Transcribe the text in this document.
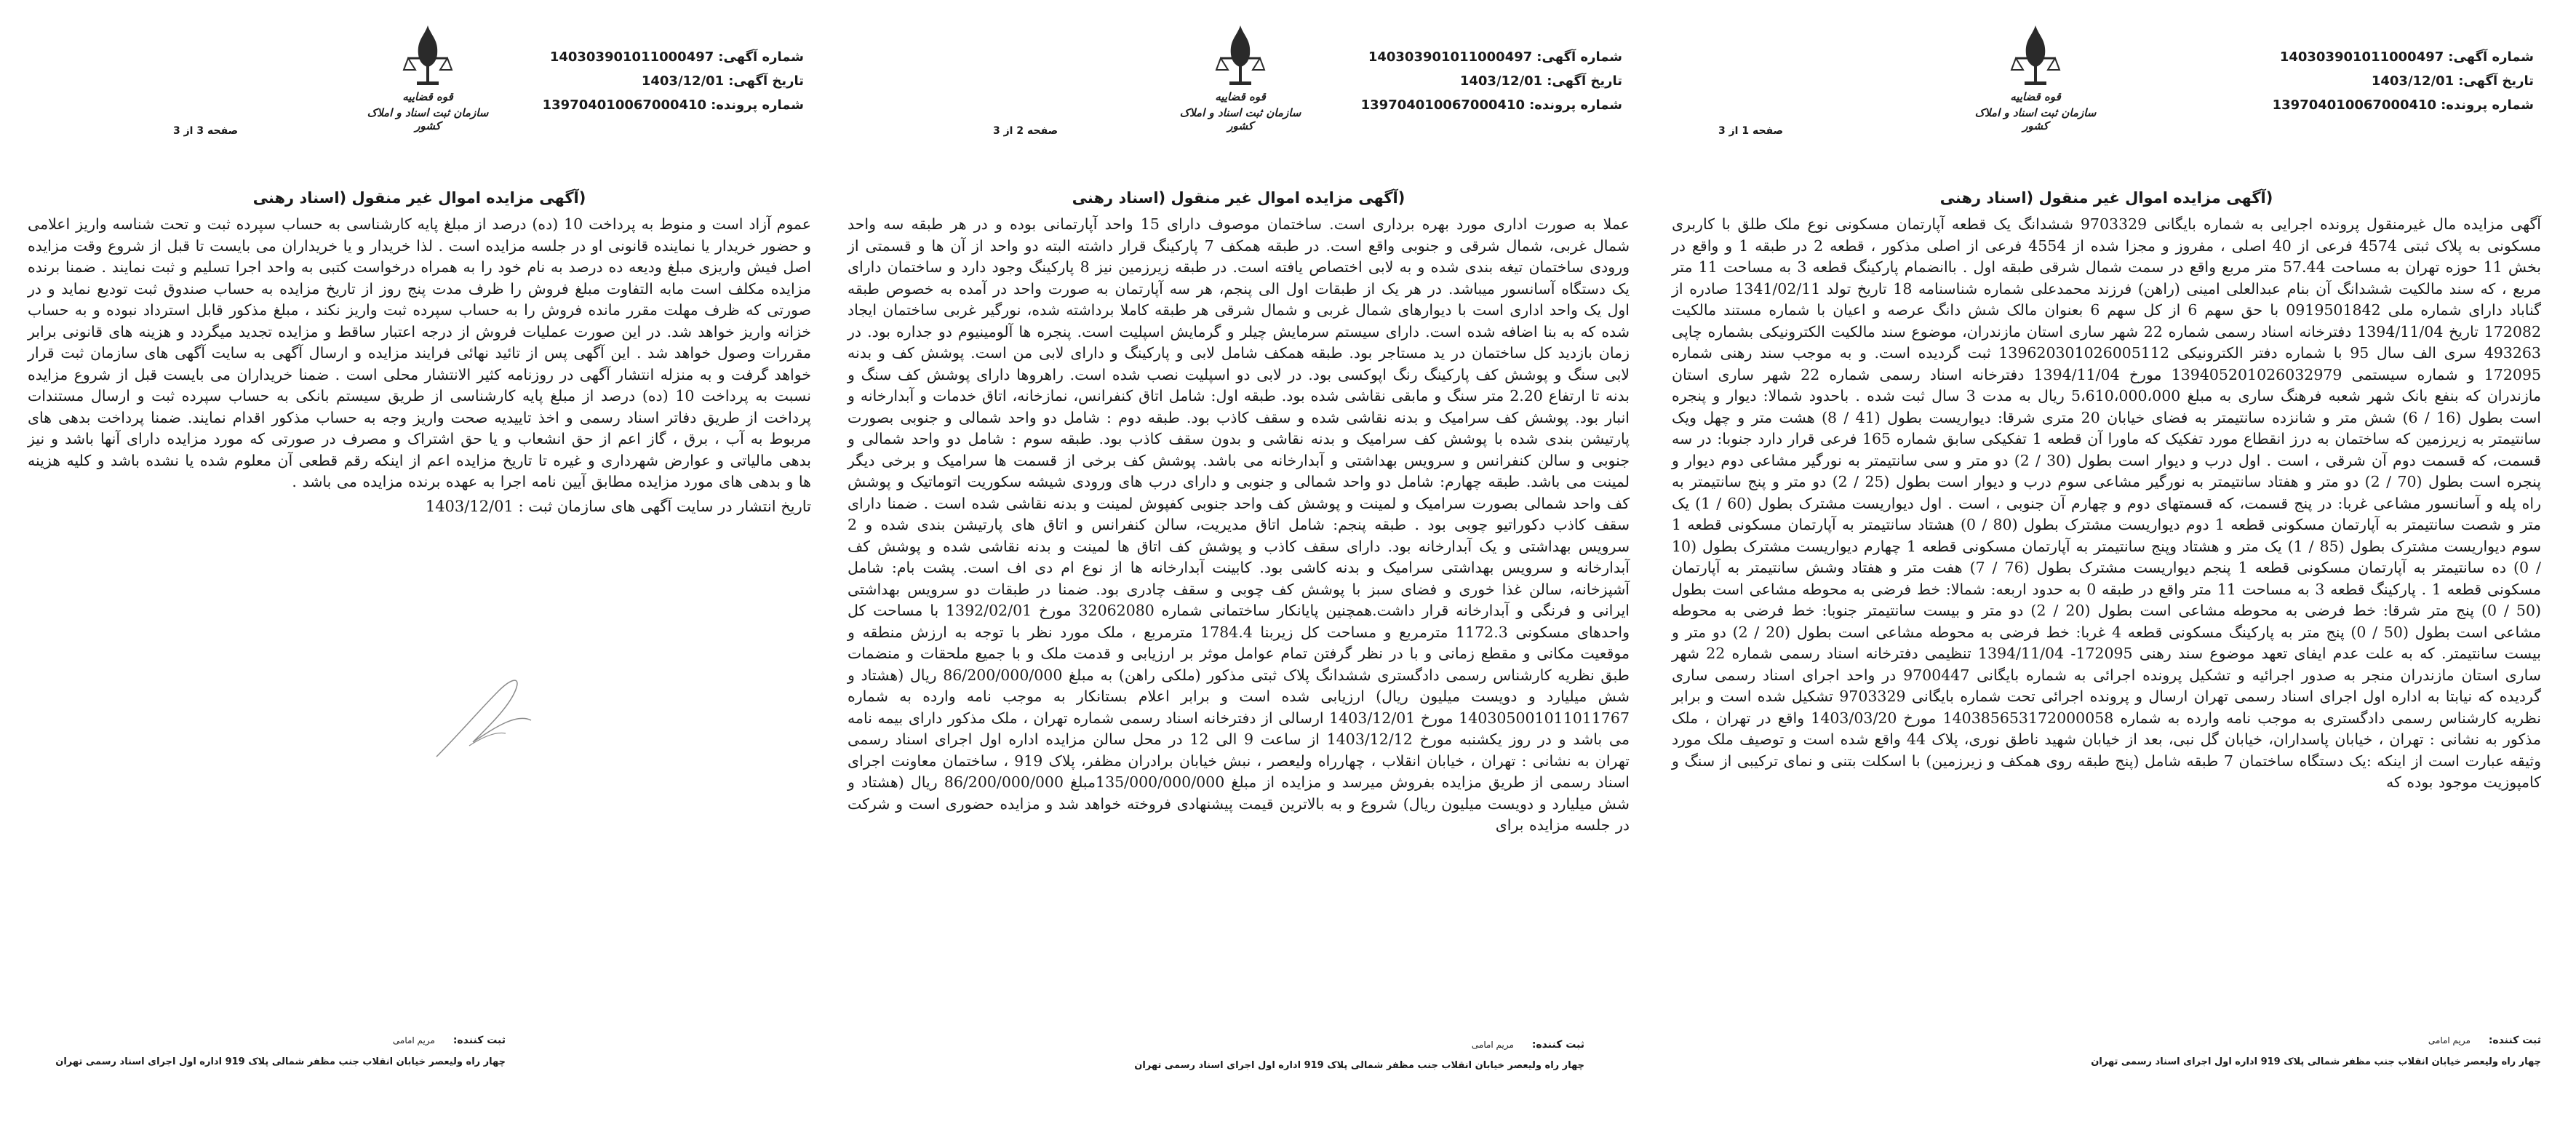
شماره آگهی:140303901011000497
تاریخ آگهی:1403/12/01
شماره پرونده:139704010067000410
قوه قضاییه
سازمان ثبت اسناد و املاک کشور
صفحه 1 از 3
(آگهی مزایده اموال غیر منقول (اسناد رهنی
آگهی مزایده مال غیرمنقول پرونده اجرایی به شماره بایگانی 9703329 ششدانگ یک قطعه آپارتمان مسکونی نوع ملک طلق با کاربری مسکونی به پلاک ثبتی 4574 فرعی از 40 اصلی ، مفروز و مجزا شده از 4554 فرعی از اصلی مذکور ، قطعه 2 در طبقه 1 و واقع در بخش 11 حوزه تهران به مساحت 57.44 متر مربع واقع در سمت شمال شرقی طبقه اول . باانضمام پارکینگ قطعه 3 به مساحت 11 متر مربع ، که سند مالکیت ششدانگ آن بنام عبدالعلی امینی (راهن) فرزند محمدعلی شماره شناسنامه 18 تاریخ تولد 1341/02/11 صادره از گناباد دارای شماره ملی 0919501842 با حق سهم 6 از کل سهم 6 بعنوان مالک شش دانگ عرصه و اعیان با شماره مستند مالکیت 172082 تاریخ 1394/11/04 دفترخانه اسناد رسمی شماره 22 شهر ساری استان مازندران، موضوع سند مالکیت الکترونیکی بشماره چاپی 493263 سری الف سال 95 با شماره دفتر الکترونیکی 139620301026005112 ثبت گردیده است. و به موجب سند رهنی شماره 172095 و شماره سیستمی 139405201026032979 مورخ 1394/11/04 دفترخانه اسناد رسمی شماره 22 شهر ساری استان مازندران که بنفع بانک شهر شعبه فرهنگ ساری به مبلغ 5،610،000،000 ریال به مدت 3 سال ثبت شده . باحدود شمالا: دیوار و پنجره است بطول (16 / 6) شش متر و شانزده سانتیمتر به فضای خیابان 20 متری شرقا: دیواریست بطول (41 / 8) هشت متر و چهل ویک سانتیمتر به زیرزمین که ساختمان به درز انقطاع مورد تفکیک که ماورا آن قطعه 1 تفکیکی سابق شماره 165 فرعی قرار دارد جنوبا: در سه قسمت، که قسمت دوم آن شرقی ، است . اول درب و دیوار است بطول (30 / 2) دو متر و سی سانتیمتر به نورگیر مشاعی دوم دیوار و پنجره است بطول (70 / 2) دو متر و هفتاد سانتیمتر به نورگیر مشاعی سوم درب و دیوار است بطول (25 / 2) دو متر و پنج سانتیمتر به راه پله و آسانسور مشاعی غربا: در پنج قسمت، که قسمتهای دوم و چهارم آن جنوبی ، است . اول دیواریست مشترک بطول (60 / 1) یک متر و شصت سانتیمتر به آپارتمان مسکونی قطعه 1 دوم دیواریست مشترک بطول (80 / 0) هشتاد سانتیمتر به آپارتمان مسکونی قطعه 1 سوم دیواریست مشترک بطول (85 / 1) یک متر و هشتاد وپنج سانتیمتر به آپارتمان مسکونی قطعه 1 چهارم دیواریست مشترک بطول (10 / 0) ده سانتیمتر به آپارتمان مسکونی قطعه 1 پنجم دیواریست مشترک بطول (76 / 7) هفت متر و هفتاد وشش سانتیمتر به آپارتمان مسکونی قطعه 1 . پارکینگ قطعه 3 به مساحت 11 متر واقع در طبقه 0 به حدود اربعه: شمالا: خط فرضی به محوطه مشاعی است بطول (50 / 0) پنج متر شرقا: خط فرضی به محوطه مشاعی است بطول (20 / 2) دو متر و بیست سانتیمتر جنوبا: خط فرضی به محوطه مشاعی است بطول (50 / 0) پنج متر به پارکینگ مسکونی قطعه 4 غربا: خط فرضی به محوطه مشاعی است بطول (20 / 2) دو متر و بیست سانتیمتر. که به علت عدم ایفای تعهد موضوع سند رهنی 172095- 1394/11/04 تنظیمی دفترخانه اسناد رسمی شماره 22 شهر ساری استان مازندران منجر به صدور اجرائیه و تشکیل پرونده اجرائی به شماره بایگانی 9700447 در واحد اجرای اسناد رسمی ساری گردیده که نیابتا به اداره اول اجرای اسناد رسمی تهران ارسال و پرونده اجرائی تحت شماره بایگانی 9703329 تشکیل شده است و برابر نظریه کارشناس رسمی دادگستری به موجب نامه وارده به شماره 140385653172000058 مورخ 1403/03/20 واقع در تهران ، ملک مذکور به نشانی : تهران ، خیابان پاسداران، خیابان گل نبی، بعد از خیابان شهید ناطق نوری، پلاک 44 واقع شده است و توصیف ملک مورد وثیقه عبارت است از اینکه :یک دستگاه ساختمان 7 طبقه شامل (پنج طبقه روی همکف و زیرزمین) با اسکلت بتنی و نمای ترکیبی از سنگ و کامپوزیت موجود بوده که
ثبت کننده: مریم امامی
چهار راه ولیعصر خیابان انقلاب جنب مظفر شمالی پلاک 919 اداره اول اجرای اسناد رسمی تهران
شماره آگهی:140303901011000497
تاریخ آگهی:1403/12/01
شماره پرونده:139704010067000410
قوه قضاییه
سازمان ثبت اسناد و املاک کشور
صفحه 2 از 3
(آگهی مزایده اموال غیر منقول (اسناد رهنی
عملا به صورت اداری مورد بهره برداری است. ساختمان موصوف دارای 15 واحد آپارتمانی بوده و در هر طبقه سه واحد شمال غربی، شمال شرقی و جنوبی واقع است. در طبقه همکف 7 پارکینگ قرار داشته البته دو واحد از آن ها و قسمتی از ورودی ساختمان تیغه بندی شده و به لابی اختصاص یافته است. در طبقه زیرزمین نیز 8 پارکینگ وجود دارد و ساختمان دارای یک دستگاه آسانسور میباشد. در هر یک از طبقات اول الی پنجم، هر سه آپارتمان به صورت واحد در آمده به خصوص طبقه اول یک واحد اداری است با دیوارهای شمال غربی و شمال شرقی هر طبقه کاملا برداشته شده، نورگیر غربی ساختمان ایجاد شده که به بنا اضافه شده است. دارای سیستم سرمایش چیلر و گرمایش اسپلیت است. پنجره ها آلومینیوم دو جداره بود. در زمان بازدید کل ساختمان در ید مستاجر بود. طبقه همکف شامل لابی و پارکینگ و دارای لابی من است. پوشش کف و بدنه لابی سنگ و پوشش کف پارکینگ رنگ اپوکسی بود. در لابی دو اسپلیت نصب شده است. راهروها دارای پوشش کف سنگ و بدنه تا ارتفاع 2.20 متر سنگ و مابقی نقاشی شده بود. طبقه اول: شامل اتاق کنفرانس، نمازخانه، اتاق خدمات و آبدارخانه و انبار بود. پوشش کف سرامیک و بدنه نقاشی شده و سقف کاذب بود. طبقه دوم : شامل دو واحد شمالی و جنوبی بصورت پارتیشن بندی شده با پوشش کف سرامیک و بدنه نقاشی و بدون سقف کاذب بود. طبقه سوم : شامل دو واحد شمالی و جنوبی و سالن کنفرانس و سرویس بهداشتی و آبدارخانه می باشد. پوشش کف برخی از قسمت ها سرامیک و برخی دیگر لمینت می باشد. طبقه چهارم: شامل دو واحد شمالی و جنوبی و دارای درب های ورودی شیشه سکوریت اتوماتیک و پوشش کف واحد شمالی بصورت سرامیک و لمینت و پوشش کف واحد جنوبی کفپوش لمینت و بدنه نقاشی شده است . ضمنا دارای سقف کاذب دکوراتیو چوبی بود . طبقه پنجم: شامل اتاق مدیریت، سالن کنفرانس و اتاق های پارتیشن بندی شده و 2 سرویس بهداشتی و یک آبدارخانه بود. دارای سقف کاذب و پوشش کف اتاق ها لمینت و بدنه نقاشی شده و پوشش کف آبدارخانه و سرویس بهداشتی سرامیک و بدنه کاشی بود. کابینت آبدارخانه ها از نوع ام دی اف است. پشت بام: شامل آشپزخانه، سالن غذا خوری و فضای سبز با پوشش کف چوبی و سقف چادری بود. ضمنا در طبقات دو سرویس بهداشتی ایرانی و فرنگی و آبدارخانه قرار داشت.همچنین پایانکار ساختمانی شماره 32062080 مورخ 1392/02/01 با مساحت کل واحدهای مسکونی 1172.3 مترمربع و مساحت کل زیربنا 1784.4 مترمربع ، ملک مورد نظر با توجه به ارزش منطقه و موقعیت مکانی و مقطع زمانی و با در نظر گرفتن تمام عوامل موثر بر ارزیابی و قدمت ملک و با جمیع ملحقات و منضمات طبق نظریه کارشناس رسمی دادگستری ششدانگ پلاک ثبتی مذکور (ملکی راهن) به مبلغ 86/200/000/000 ریال (هشتاد و شش میلیارد و دویست میلیون ریال) ارزیابی شده است و برابر اعلام بستانکار به موجب نامه وارده به شماره 140305001011011767 مورخ 1403/12/01 ارسالی از دفترخانه اسناد رسمی شماره تهران ، ملک مذکور دارای بیمه نامه می باشد و در روز یکشنبه مورخ 1403/12/12 از ساعت 9 الی 12 در محل سالن مزایده اداره اول اجرای اسناد رسمی تهران به نشانی : تهران ، خیابان انقلاب ، چهارراه ولیعصر ، نبش خیابان برادران مظفر، پلاک 919 ، ساختمان معاونت اجرای اسناد رسمی از طریق مزایده بفروش میرسد و مزایده از مبلغ 135/000/000/000مبلغ 86/200/000/000 ریال (هشتاد و شش میلیارد و دویست میلیون ریال) شروع و به بالاترین قیمت پیشنهادی فروخته خواهد شد و مزایده حضوری است و شرکت در جلسه مزایده برای
ثبت کننده: مریم امامی
چهار راه ولیعصر خیابان انقلاب جنب مظفر شمالی پلاک 919 اداره اول اجرای اسناد رسمی تهران
شماره آگهی:140303901011000497
تاریخ آگهی:1403/12/01
شماره پرونده:139704010067000410
قوه قضاییه
سازمان ثبت اسناد و املاک کشور
صفحه 3 از 3
(آگهی مزایده اموال غیر منقول (اسناد رهنی
عموم آزاد است و منوط به پرداخت 10 (ده) درصد از مبلغ پایه کارشناسی به حساب سپرده ثبت و تحت شناسه واریز اعلامی و حضور خریدار یا نماینده قانونی او در جلسه مزایده است . لذا خریدار و یا خریداران می بایست تا قبل از شروع وقت مزایده اصل فیش واریزی مبلغ ودیعه ده درصد به نام خود را به همراه درخواست کتبی به واحد اجرا تسلیم و ثبت نمایند . ضمنا برنده مزایده مکلف است مابه التفاوت مبلغ فروش را ظرف مدت پنج روز از تاریخ مزایده به حساب صندوق ثبت تودیع نماید و در صورتی که ظرف مهلت مقرر مانده فروش را به حساب سپرده ثبت واریز نکند ، مبلغ مذکور قابل استرداد نبوده و به حساب خزانه واریز خواهد شد. در این صورت عملیات فروش از درجه اعتبار ساقط و مزایده تجدید میگردد و هزینه های قانونی برابر مقررات وصول خواهد شد . این آگهی پس از تائید نهائی فرایند مزایده و ارسال آگهی به سایت آگهی های سازمان ثبت قرار خواهد گرفت و به منزله انتشار آگهی در روزنامه کثیر الانتشار محلی است . ضمنا خریداران می بایست قبل از شروع مزایده نسبت به پرداخت 10 (ده) درصد از مبلغ پایه کارشناسی از طریق سیستم بانکی به حساب سپرده ثبت و ارسال مستندات پرداخت از طریق دفاتر اسناد رسمی و اخذ تاییدیه صحت واریز وجه به حساب مذکور اقدام نمایند. ضمنا پرداخت بدهی های مربوط به آب ، برق ، گاز اعم از حق انشعاب و یا حق اشتراک و مصرف در صورتی که مورد مزایده دارای آنها باشد و نیز بدهی مالیاتی و عوارض شهرداری و غیره تا تاریخ مزایده اعم از اینکه رقم قطعی آن معلوم شده یا نشده باشد و کلیه هزینه ها و بدهی های مورد مزایده مطابق آیین نامه اجرا به عهده برنده مزایده می باشد .
تاریخ انتشار در سایت آگهی های سازمان ثبت : 1403/12/01
ثبت کننده: مریم امامی
چهار راه ولیعصر خیابان انقلاب جنب مظفر شمالی پلاک 919 اداره اول اجرای اسناد رسمی تهران
